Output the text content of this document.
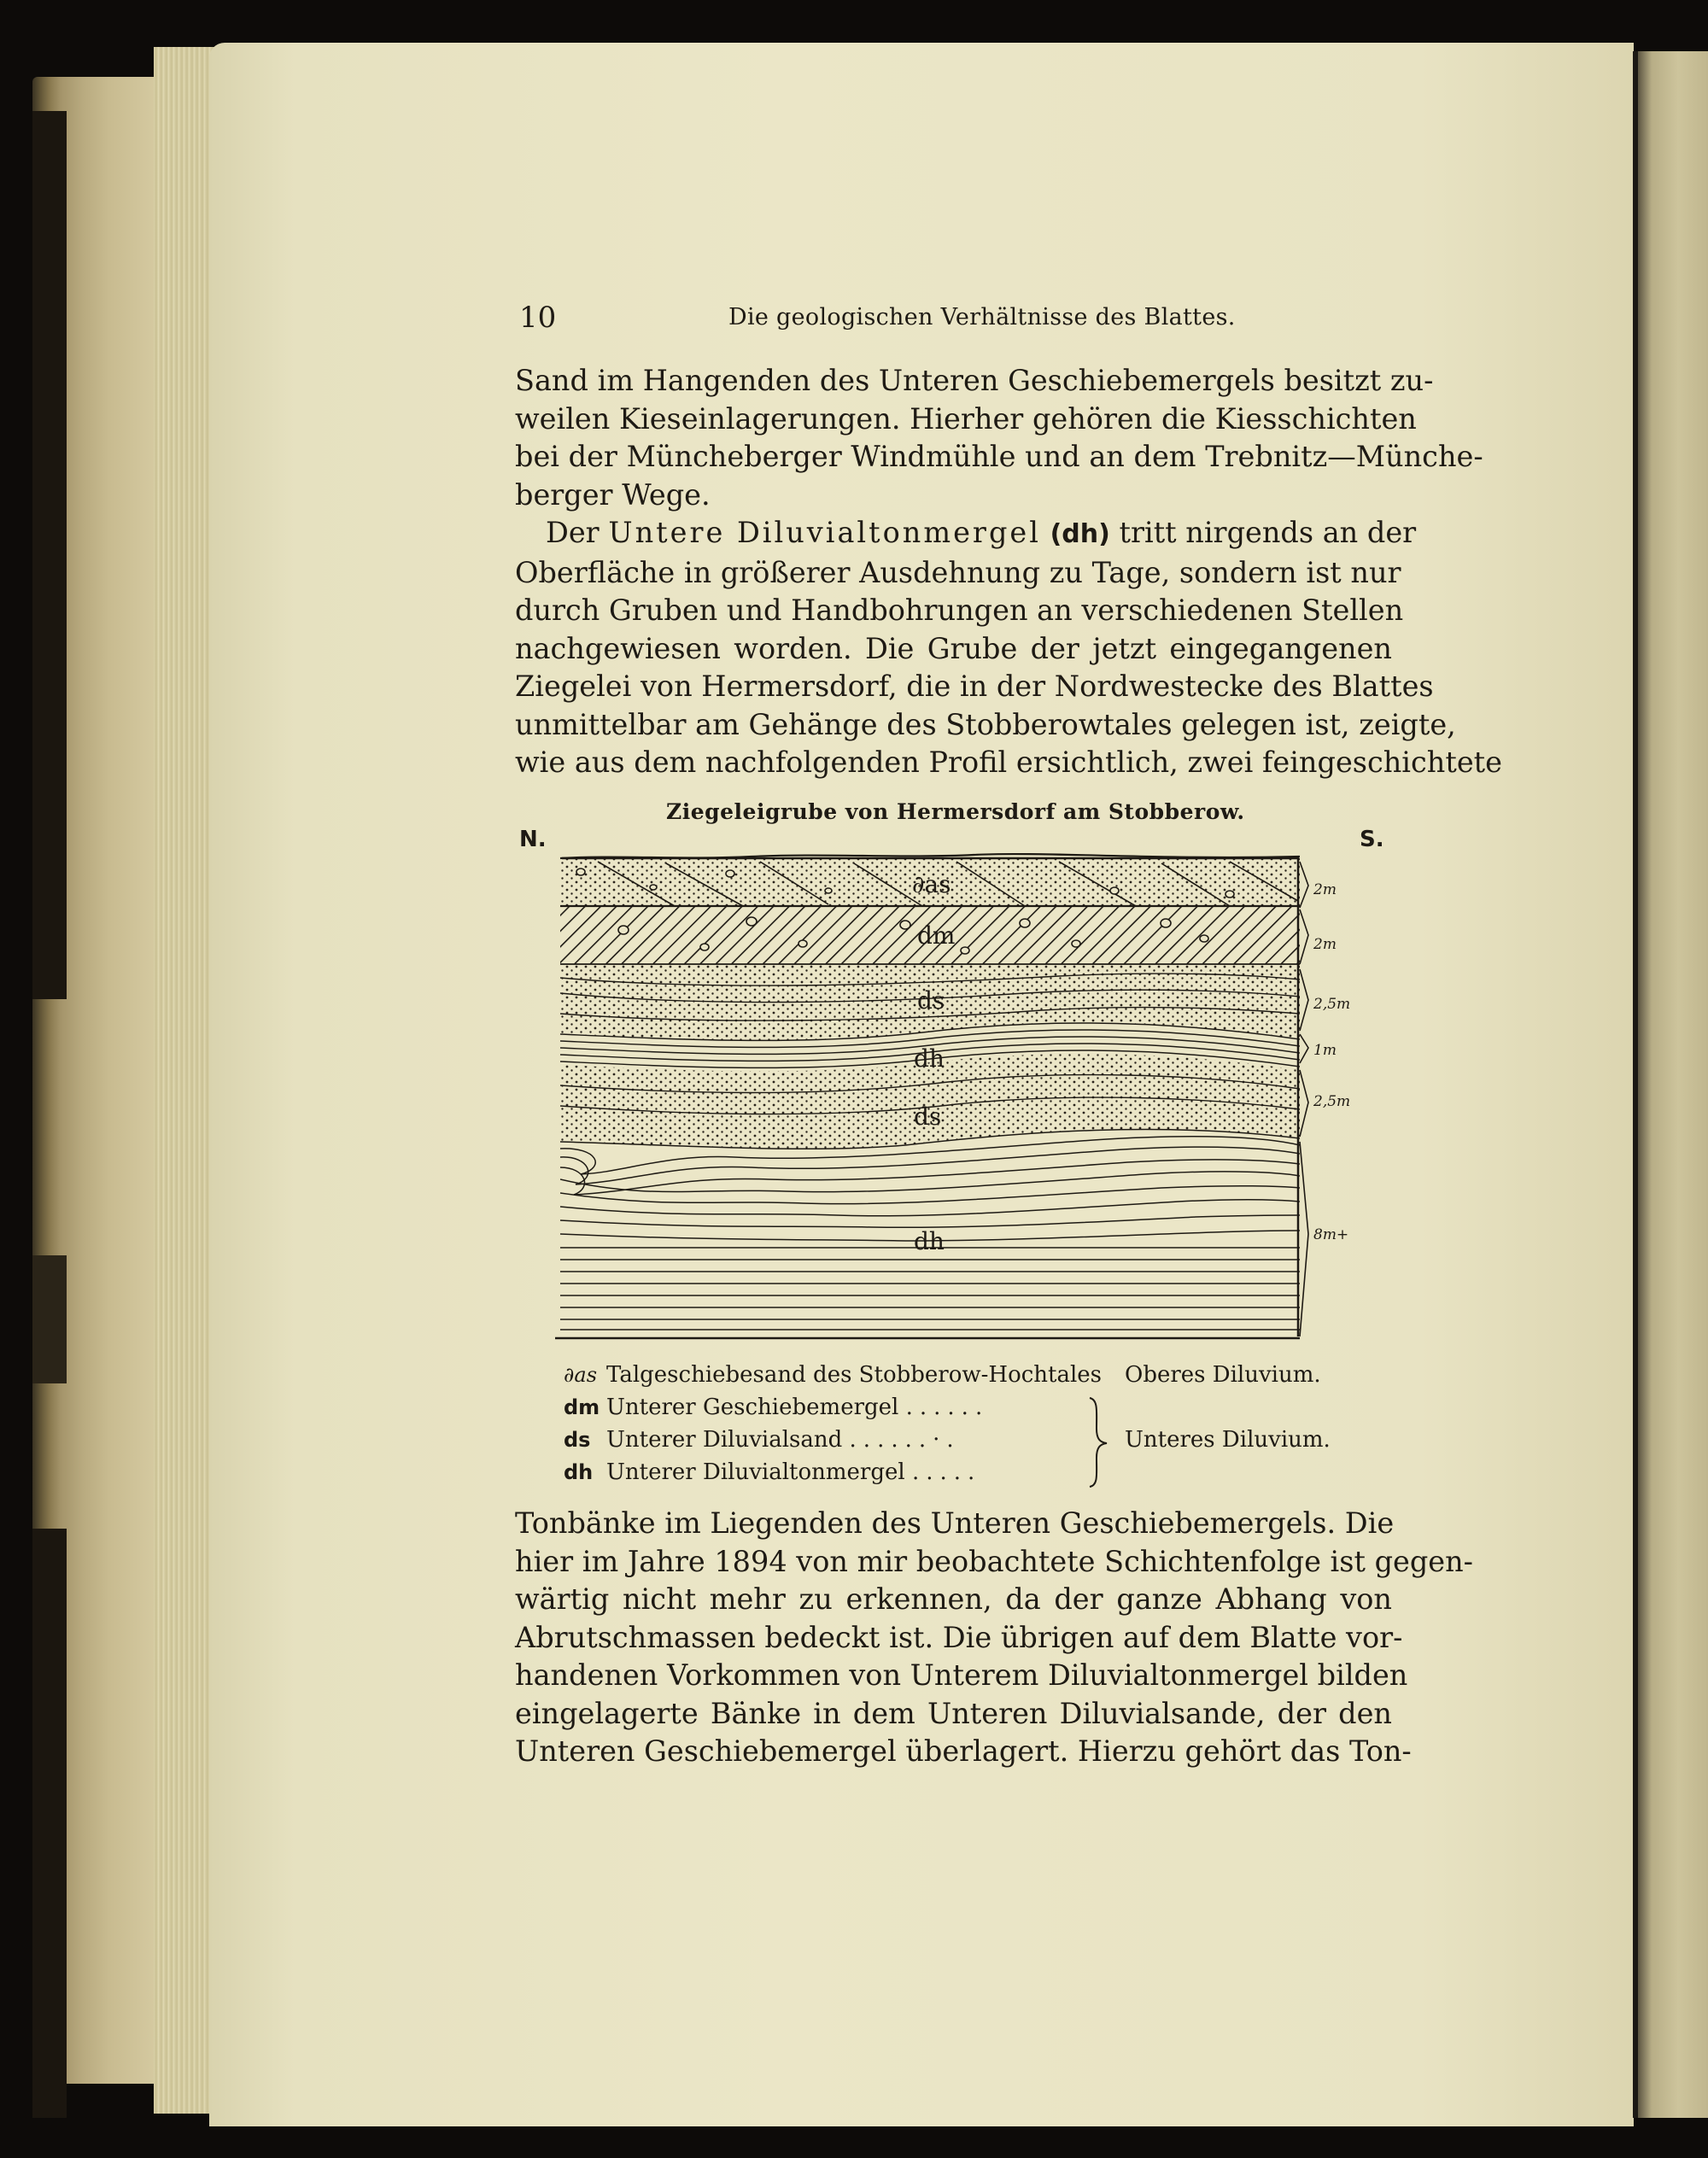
10	Die geologischen Verhältnisse des Blattes.
Sand im Hangenden des Unteren Geschiebemergels besitzt zu-
weilen Kieseinlagerungen. Hierher gehören die Kiesschichten
bei der Müncheberger Windmühle und an dem Trebnitz—Münche-
berger Wege.
Der Untere Diluvialtonmergel (dh) tritt nirgends an der
Oberfläche in größerer Ausdehnung zu Tage, sondern ist nur
durch Gruben und Handbohrungen an verschiedenen Stellen
nachgewiesen worden. Die Grube der jetzt eingegangenen
Ziegelei von Hermersdorf, die in der Nordwestecke des Blattes
unmittelbar am Gehänge des Stobberowtales gelegen ist, zeigte,
wie aus dem nachfolgenden Profil ersichtlich, zwei feingeschichtete
Ziegeleigrube von Hermersdorf am Stobberow.
N.	S.
∂as
dm
ds
dh
ds
dh
2m
2m
2,5m
1m
2,5m
8m+
∂as Talgeschiebesand des Stobberow-Hochtales
dm Unterer Geschiebemergel ......
ds Unterer Diluvialsand ......·.
dh Unterer Diluvialtonmergel .....
Oberes Diluvium.
Unteres Diluvium.
Tonbänke im Liegenden des Unteren Geschiebemergels. Die
hier im Jahre 1894 von mir beobachtete Schichtenfolge ist gegen-
wärtig nicht mehr zu erkennen, da der ganze Abhang von
Abrutschmassen bedeckt ist. Die übrigen auf dem Blatte vor-
handenen Vorkommen von Unterem Diluvialtonmergel bilden
eingelagerte Bänke in dem Unteren Diluvialsande, der den
Unteren Geschiebemergel überlagert. Hierzu gehört das Ton-
